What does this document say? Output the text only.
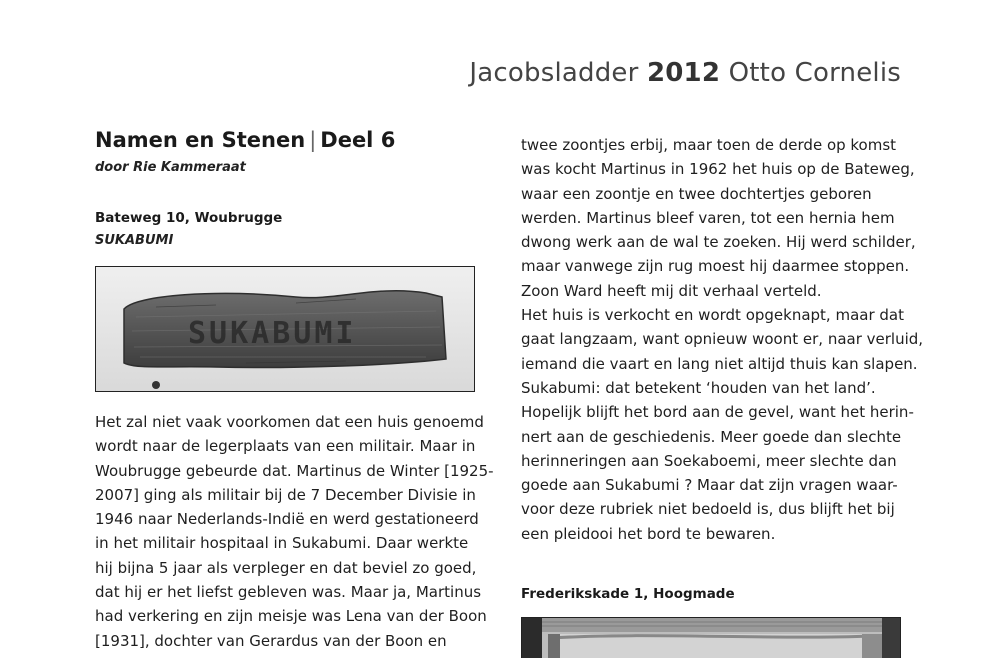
Jacobsladder 2012 Otto Cornelis
Namen en Stenen | Deel 6
door Rie Kammeraat
Bateweg 10, Woubrugge
SUKABUMI
SUKABUMI
Het zal niet vaak voorkomen dat een huis genoemd
wordt naar de legerplaats van een militair. Maar in
Woubrugge gebeurde dat. Martinus de Winter [1925-
2007] ging als militair bij de 7 December Divisie in
1946 naar Nederlands-Indië en werd gestationeerd
in het militair hospitaal in Sukabumi. Daar werkte
hij bijna 5 jaar als verpleger en dat beviel zo goed,
dat hij er het liefst gebleven was. Maar ja, Martinus
had verkering en zijn meisje was Lena van der Boon
[1931], dochter van Gerardus van der Boon en
twee zoontjes erbij, maar toen de derde op komst
was kocht Martinus in 1962 het huis op de Bateweg,
waar een zoontje en twee dochtertjes geboren
werden. Martinus bleef varen, tot een hernia hem
dwong werk aan de wal te zoeken. Hij werd schilder,
maar vanwege zijn rug moest hij daarmee stoppen.
Zoon Ward heeft mij dit verhaal verteld.
Het huis is verkocht en wordt opgeknapt, maar dat
gaat langzaam, want opnieuw woont er, naar verluid,
iemand die vaart en lang niet altijd thuis kan slapen.
Sukabumi: dat betekent ‘houden van het land’.
Hopelijk blijft het bord aan de gevel, want het herin-
nert aan de geschiedenis. Meer goede dan slechte
herinneringen aan Soekaboemi, meer slechte dan
goede aan Sukabumi ? Maar dat zijn vragen waar-
voor deze rubriek niet bedoeld is, dus blijft het bij
een pleidooi het bord te bewaren.
Frederikskade 1, Hoogmade
